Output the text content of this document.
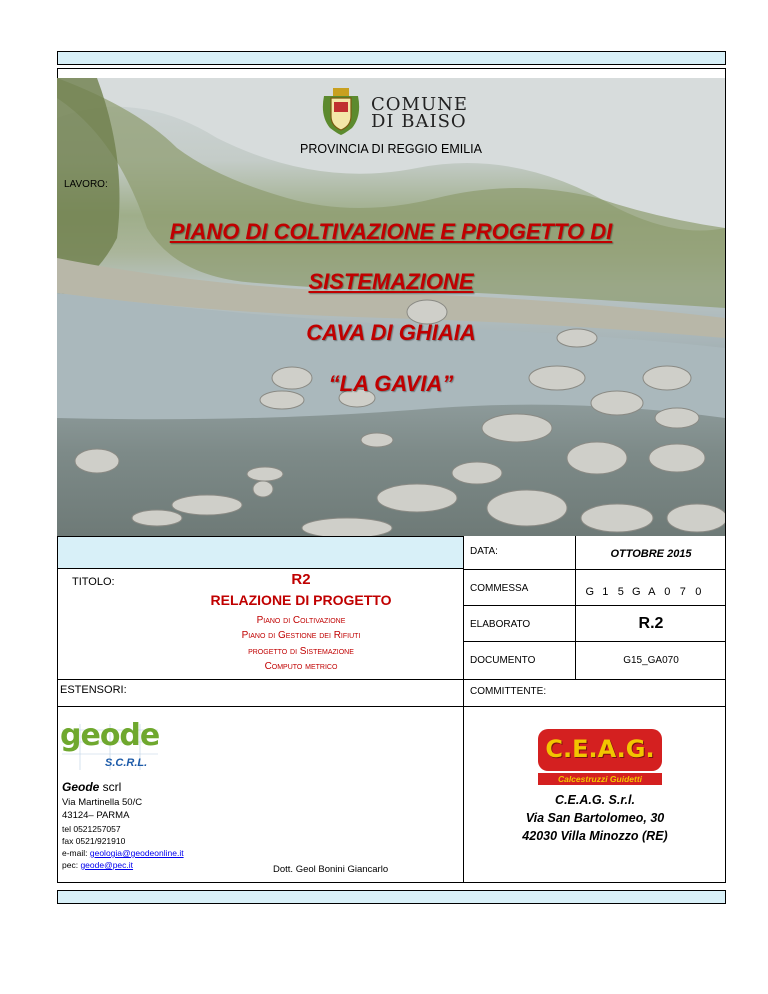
COMUNE
DI BAISO
PROVINCIA DI REGGIO EMILIA
LAVORO:
PIANO DI COLTIVAZIONE E PROGETTO DI
SISTEMAZIONE
CAVA DI GHIAIA
“LA GAVIA”
DATA:	OTTOBRE 2015
TITOLO:	R2
RELAZIONE DI PROGETTO
Piano di Coltivazione
Piano di Gestione dei Rifiuti
progetto di Sistemazione
Computo metrico
COMMESSA	G 1 5 G A 0 7 0
ELABORATO	R.2
DOCUMENTO	G15_GA070
ESTENSORI:	COMMITTENTE:
geode
S.C.R.L.
Geode scrl
Via Martinella 50/C
43124– PARMA
tel 0521257057
fax 0521/921910
e-mail: geologia@geodeonline.it
pec: geode@pec.it	Dott. Geol Bonini Giancarlo
C.E.A.G.
Calcestruzzi Guidetti
C.E.A.G. S.r.l.
Via San Bartolomeo, 30
42030 Villa Minozzo (RE)
